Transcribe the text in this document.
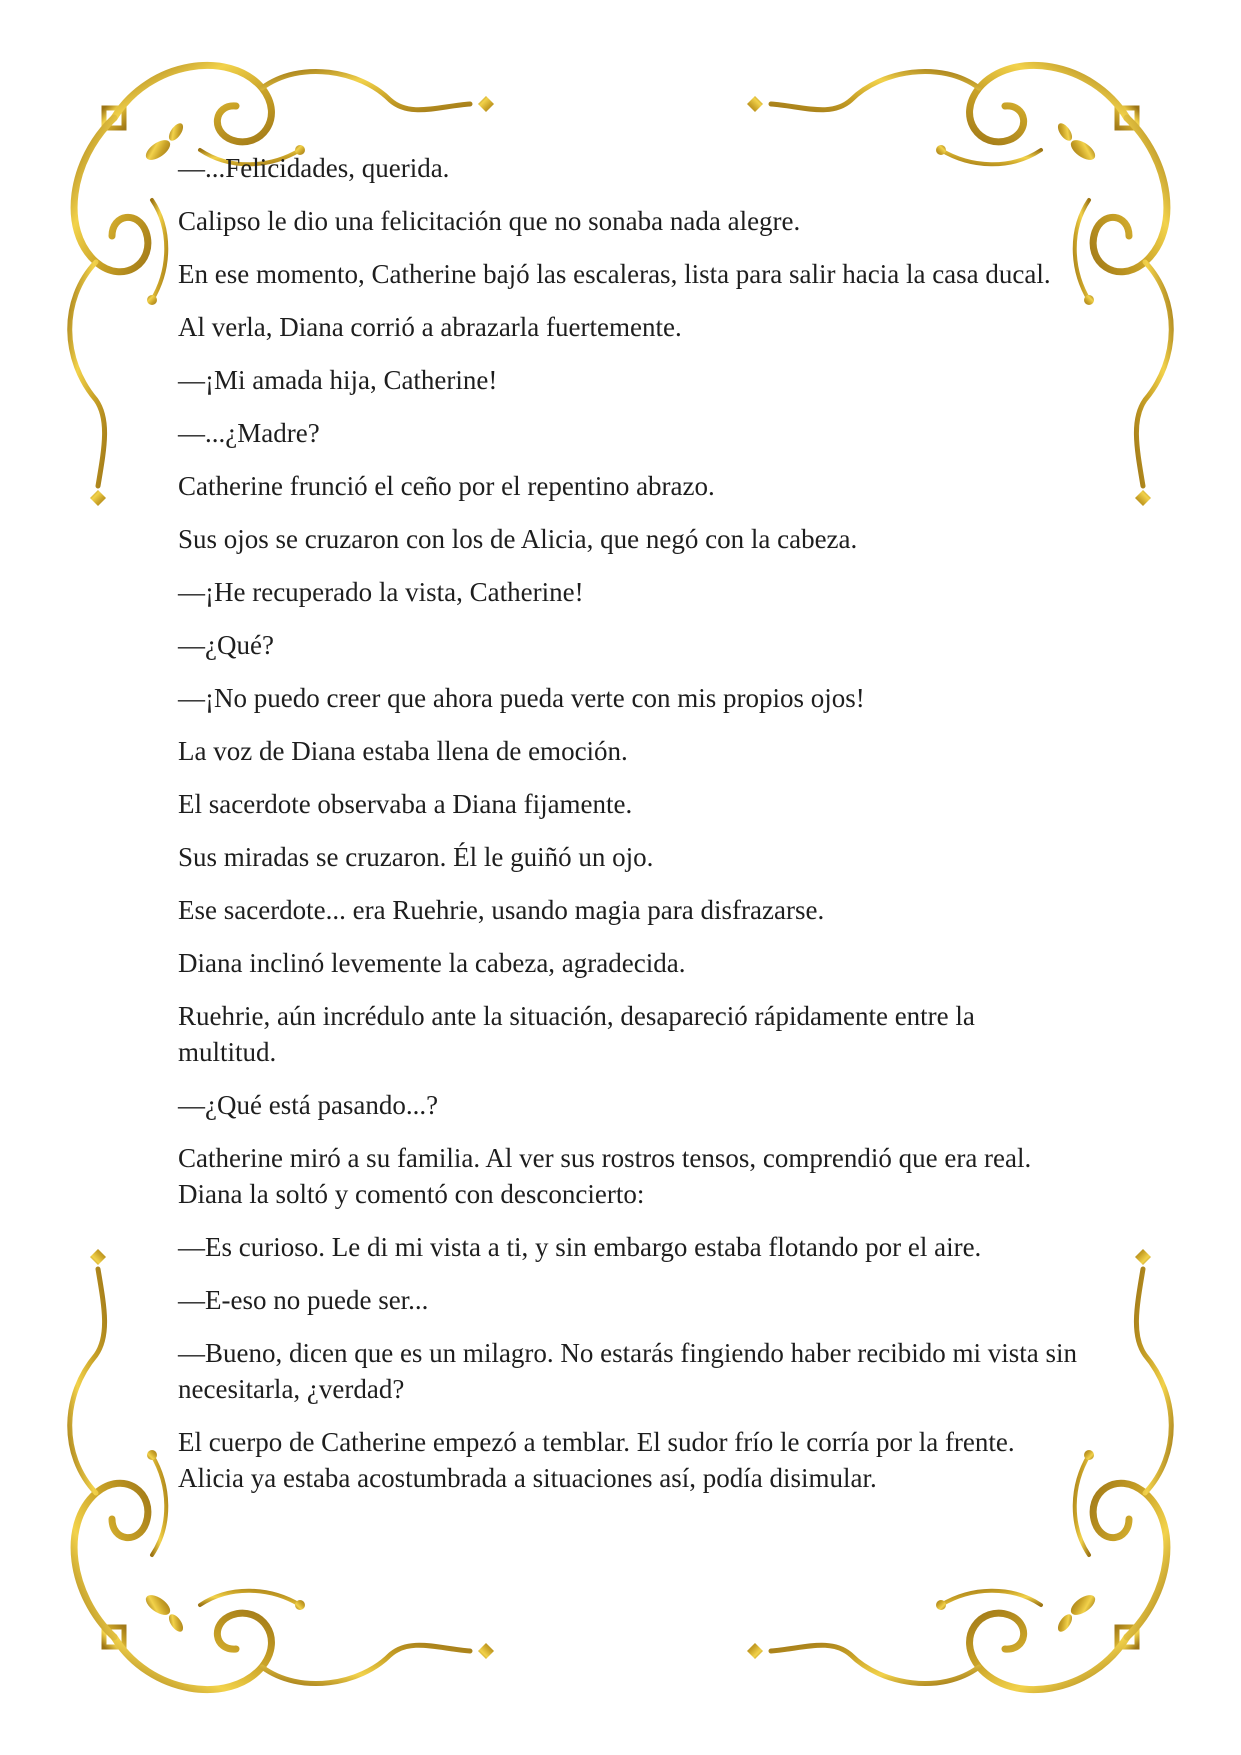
—...Felicidades, querida.

Calipso le dio una felicitación que no sonaba nada alegre.

En ese momento, Catherine bajó las escaleras, lista para salir hacia la casa ducal.

Al verla, Diana corrió a abrazarla fuertemente.

—¡Mi amada hija, Catherine!

—...¿Madre?

Catherine frunció el ceño por el repentino abrazo.

Sus ojos se cruzaron con los de Alicia, que negó con la cabeza.

—¡He recuperado la vista, Catherine!

—¿Qué?

—¡No puedo creer que ahora pueda verte con mis propios ojos!

La voz de Diana estaba llena de emoción.

El sacerdote observaba a Diana fijamente.

Sus miradas se cruzaron. Él le guiñó un ojo.

Ese sacerdote... era Ruehrie, usando magia para disfrazarse.

Diana inclinó levemente la cabeza, agradecida.

Ruehrie, aún incrédulo ante la situación, desapareció rápidamente entre la multitud.

—¿Qué está pasando...?

Catherine miró a su familia. Al ver sus rostros tensos, comprendió que era real.

Diana la soltó y comentó con desconcierto:

—Es curioso. Le di mi vista a ti, y sin embargo estaba flotando por el aire.

—E-eso no puede ser...

—Bueno, dicen que es un milagro. No estarás fingiendo haber recibido mi vista sin necesitarla, ¿verdad?

El cuerpo de Catherine empezó a temblar. El sudor frío le corría por la frente.

Alicia ya estaba acostumbrada a situaciones así, podía disimular.
